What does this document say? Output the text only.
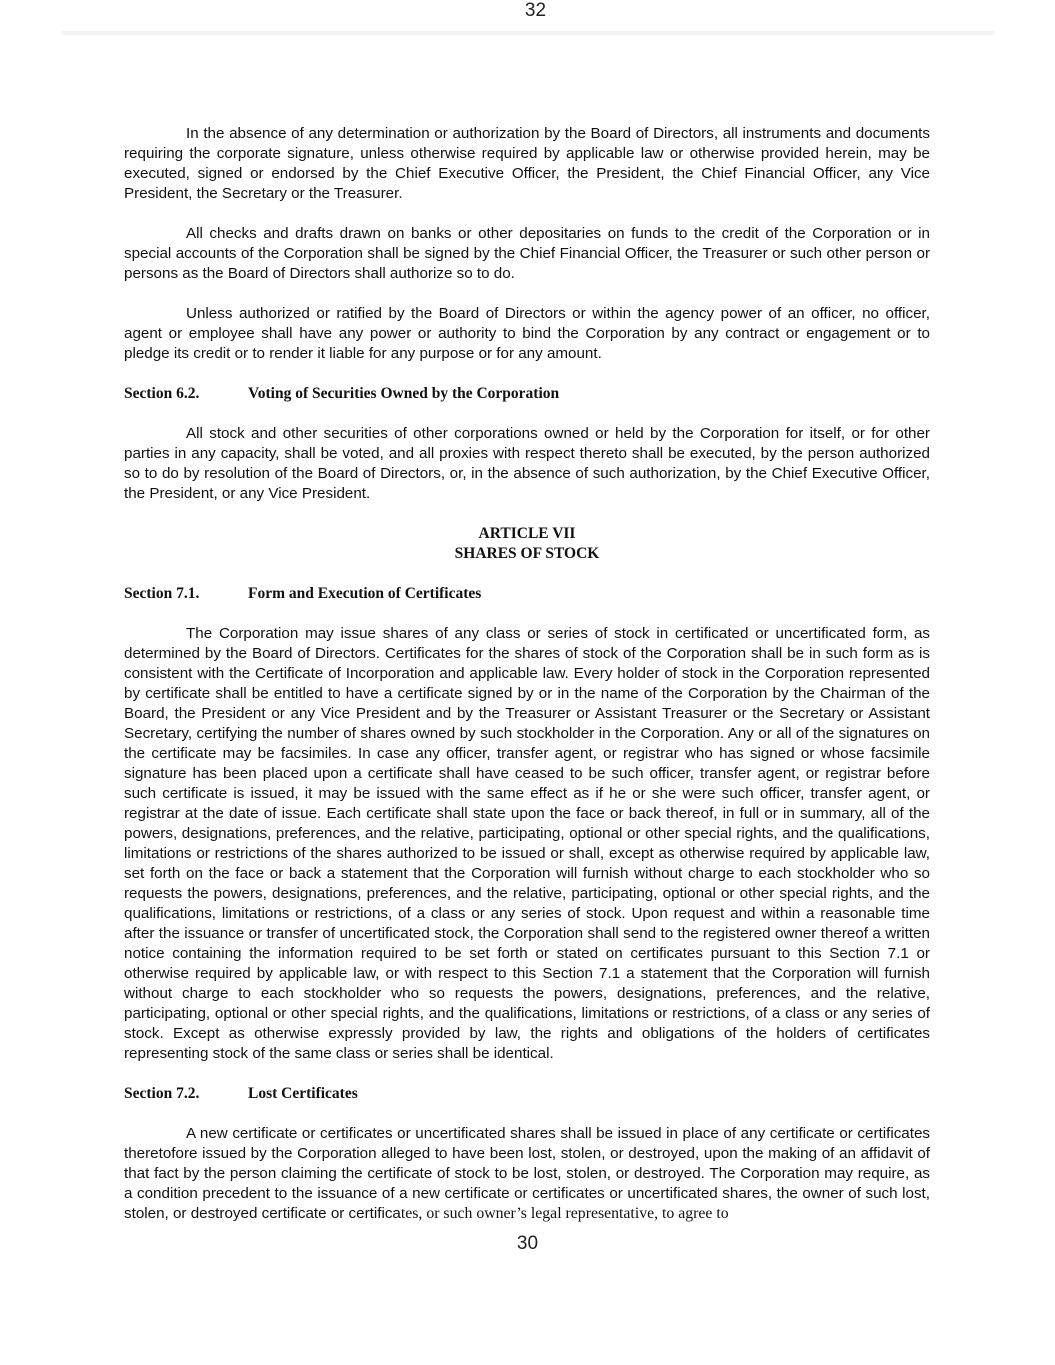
32

In the absence of any determination or authorization by the Board of Directors, all instruments and documents requiring the corporate signature, unless otherwise required by applicable law or otherwise provided herein, may be executed, signed or endorsed by the Chief Executive Officer, the President, the Chief Financial Officer, any Vice President, the Secretary or the Treasurer.

All checks and drafts drawn on banks or other depositaries on funds to the credit of the Corporation or in special accounts of the Corporation shall be signed by the Chief Financial Officer, the Treasurer or such other person or persons as the Board of Directors shall authorize so to do.

Unless authorized or ratified by the Board of Directors or within the agency power of an officer, no officer, agent or employee shall have any power or authority to bind the Corporation by any contract or engagement or to pledge its credit or to render it liable for any purpose or for any amount.

Section 6.2.	Voting of Securities Owned by the Corporation

All stock and other securities of other corporations owned or held by the Corporation for itself, or for other parties in any capacity, shall be voted, and all proxies with respect thereto shall be executed, by the person authorized so to do by resolution of the Board of Directors, or, in the absence of such authorization, by the Chief Executive Officer, the President, or any Vice President.

ARTICLE VII
SHARES OF STOCK
Section 7.1.	Form and Execution of Certificates

The Corporation may issue shares of any class or series of stock in certificated or uncertificated form, as determined by the Board of Directors. Certificates for the shares of stock of the Corporation shall be in such form as is consistent with the Certificate of Incorporation and applicable law. Every holder of stock in the Corporation represented by certificate shall be entitled to have a certificate signed by or in the name of the Corporation by the Chairman of the Board, the President or any Vice President and by the Treasurer or Assistant Treasurer or the Secretary or Assistant Secretary, certifying the number of shares owned by such stockholder in the Corporation. Any or all of the signatures on the certificate may be facsimiles. In case any officer, transfer agent, or registrar who has signed or whose facsimile signature has been placed upon a certificate shall have ceased to be such officer, transfer agent, or registrar before such certificate is issued, it may be issued with the same effect as if he or she were such officer, transfer agent, or registrar at the date of issue. Each certificate shall state upon the face or back thereof, in full or in summary, all of the powers, designations, preferences, and the relative, participating, optional or other special rights, and the qualifications, limitations or restrictions of the shares authorized to be issued or shall, except as otherwise required by applicable law, set forth on the face or back a statement that the Corporation will furnish without charge to each stockholder who so requests the powers, designations, preferences, and the relative, participating, optional or other special rights, and the qualifications, limitations or restrictions, of a class or any series of stock. Upon request and within a reasonable time after the issuance or transfer of uncertificated stock, the Corporation shall send to the registered owner thereof a written notice containing the information required to be set forth or stated on certificates pursuant to this Section 7.1 or otherwise required by applicable law, or with respect to this Section 7.1 a statement that the Corporation will furnish without charge to each stockholder who so requests the powers, designations, preferences, and the relative, participating, optional or other special rights, and the qualifications, limitations or restrictions, of a class or any series of stock. Except as otherwise expressly provided by law, the rights and obligations of the holders of certificates representing stock of the same class or series shall be identical.

Section 7.2.	Lost Certificates

A new certificate or certificates or uncertificated shares shall be issued in place of any certificate or certificates theretofore issued by the Corporation alleged to have been lost, stolen, or destroyed, upon the making of an affidavit of that fact by the person claiming the certificate of stock to be lost, stolen, or destroyed. The Corporation may require, as a condition precedent to the issuance of a new certificate or certificates or uncertificated shares, the owner of such lost, stolen, or destroyed certificate or certificates, or such owner’s legal representative, to agree to

30
